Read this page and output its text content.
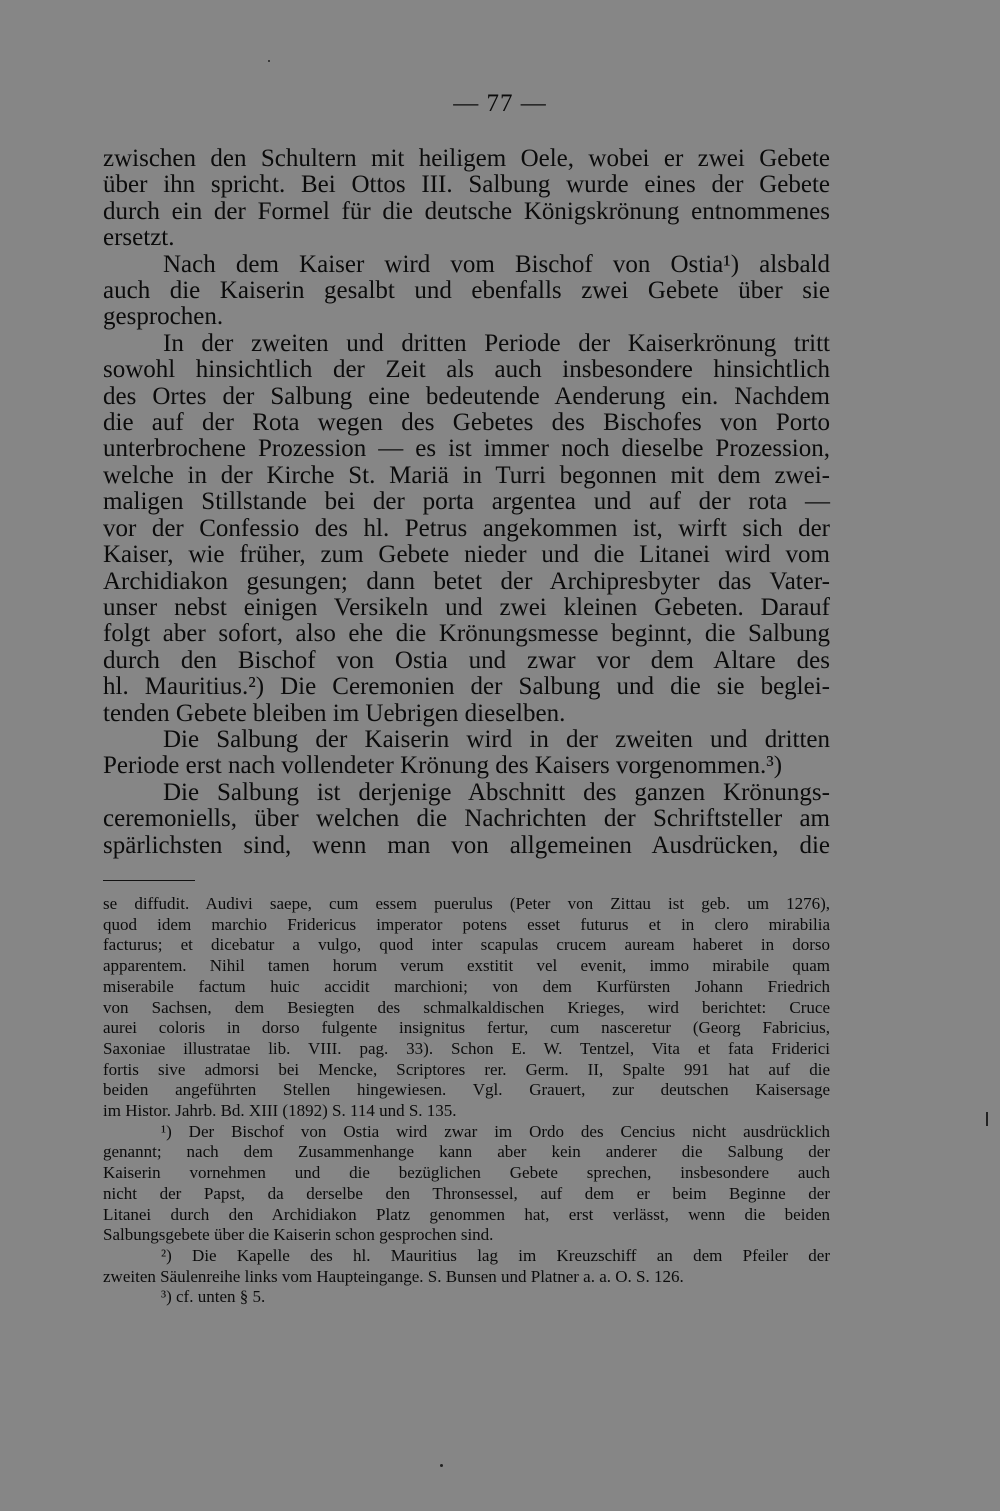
— 77 —

zwischen den Schultern mit heiligem Oele, wobei er zwei Gebete
über ihn spricht. Bei Ottos III. Salbung wurde eines der Gebete
durch ein der Formel für die deutsche Königskrönung entnommenes
ersetzt.

Nach dem Kaiser wird vom Bischof von Ostia¹) alsbald
auch die Kaiserin gesalbt und ebenfalls zwei Gebete über sie
gesprochen.

In der zweiten und dritten Periode der Kaiserkrönung tritt
sowohl hinsichtlich der Zeit als auch insbesondere hinsichtlich
des Ortes der Salbung eine bedeutende Aenderung ein. Nachdem
die auf der Rota wegen des Gebetes des Bischofes von Porto
unterbrochene Prozession — es ist immer noch dieselbe Prozession,
welche in der Kirche St. Mariä in Turri begonnen mit dem zwei-
maligen Stillstande bei der porta argentea und auf der rota —
vor der Confessio des hl. Petrus angekommen ist, wirft sich der
Kaiser, wie früher, zum Gebete nieder und die Litanei wird vom
Archidiakon gesungen; dann betet der Archipresbyter das Vater-
unser nebst einigen Versikeln und zwei kleinen Gebeten. Darauf
folgt aber sofort, also ehe die Krönungsmesse beginnt, die Salbung
durch den Bischof von Ostia und zwar vor dem Altare des
hl. Mauritius.²) Die Ceremonien der Salbung und die sie beglei-
tenden Gebete bleiben im Uebrigen dieselben.

Die Salbung der Kaiserin wird in der zweiten und dritten
Periode erst nach vollendeter Krönung des Kaisers vorgenommen.³)

Die Salbung ist derjenige Abschnitt des ganzen Krönungs-
ceremoniells, über welchen die Nachrichten der Schriftsteller am
spärlichsten sind, wenn man von allgemeinen Ausdrücken, die

se diffudit. Audivi saepe, cum essem puerulus (Peter von Zittau ist geb. um 1276),
quod idem marchio Fridericus imperator potens esset futurus et in clero mirabilia
facturus; et dicebatur a vulgo, quod inter scapulas crucem auream haberet in dorso
apparentem. Nihil tamen horum verum exstitit vel evenit, immo mirabile quam
miserabile factum huic accidit marchioni; von dem Kurfürsten Johann Friedrich
von Sachsen, dem Besiegten des schmalkaldischen Krieges, wird berichtet: Cruce
aurei coloris in dorso fulgente insignitus fertur, cum nasceretur (Georg Fabricius,
Saxoniae illustratae lib. VIII. pag. 33). Schon E. W. Tentzel, Vita et fata Friderici
fortis sive admorsi bei Mencke, Scriptores rer. Germ. II, Spalte 991 hat auf die
beiden angeführten Stellen hingewiesen. Vgl. Grauert, zur deutschen Kaisersage
im Histor. Jahrb. Bd. XIII (1892) S. 114 und S. 135.

¹) Der Bischof von Ostia wird zwar im Ordo des Cencius nicht ausdrücklich
genannt; nach dem Zusammenhange kann aber kein anderer die Salbung der
Kaiserin vornehmen und die bezüglichen Gebete sprechen, insbesondere auch
nicht der Papst, da derselbe den Thronsessel, auf dem er beim Beginne der
Litanei durch den Archidiakon Platz genommen hat, erst verlässt, wenn die beiden
Salbungsgebete über die Kaiserin schon gesprochen sind.

²) Die Kapelle des hl. Mauritius lag im Kreuzschiff an dem Pfeiler der
zweiten Säulenreihe links vom Haupteingange. S. Bunsen und Platner a. a. O. S. 126.

³) cf. unten § 5.
